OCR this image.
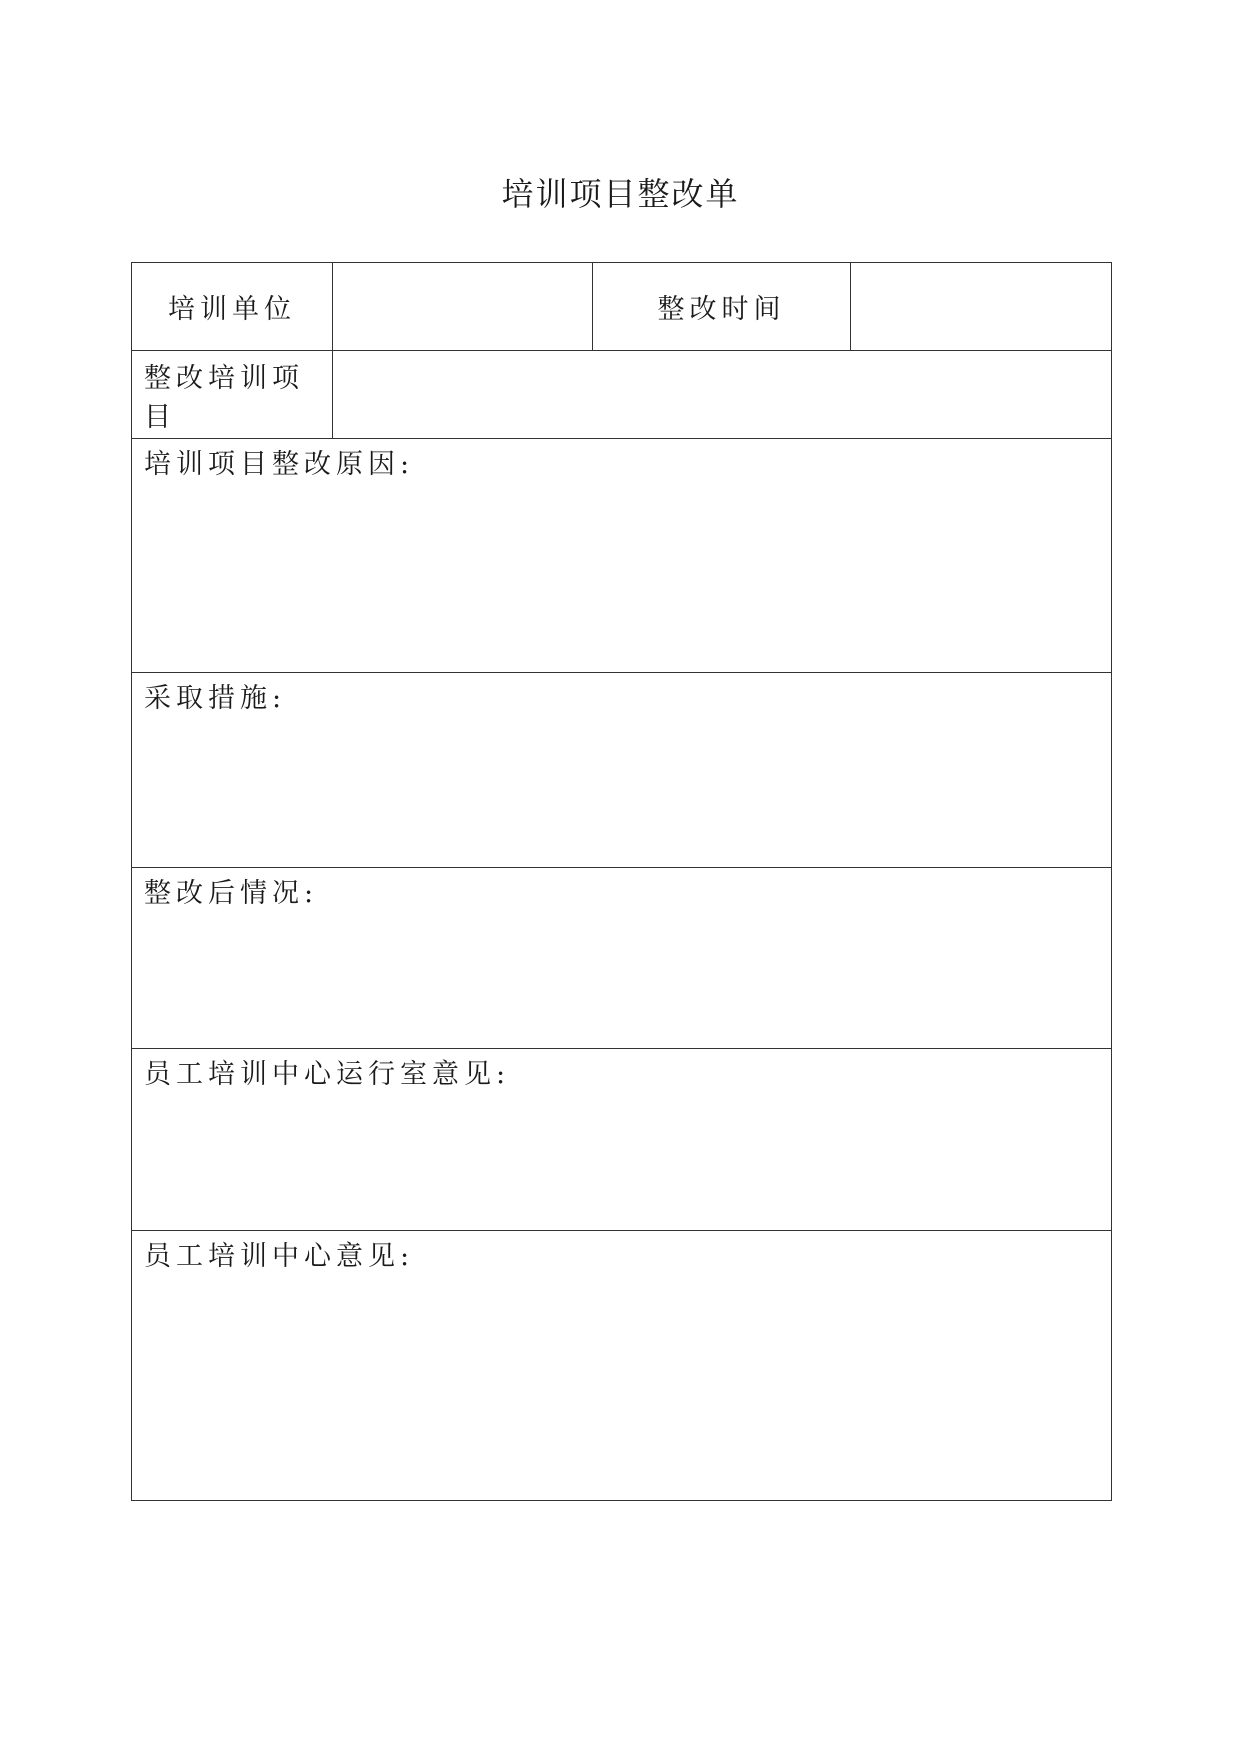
培训项目整改单
培训单位		整改时间	
整改培训项目			

培训项目整改原因:			

采取措施:			

整改后情况:			

员工培训中心运行室意见:			

员工培训中心意见:			
